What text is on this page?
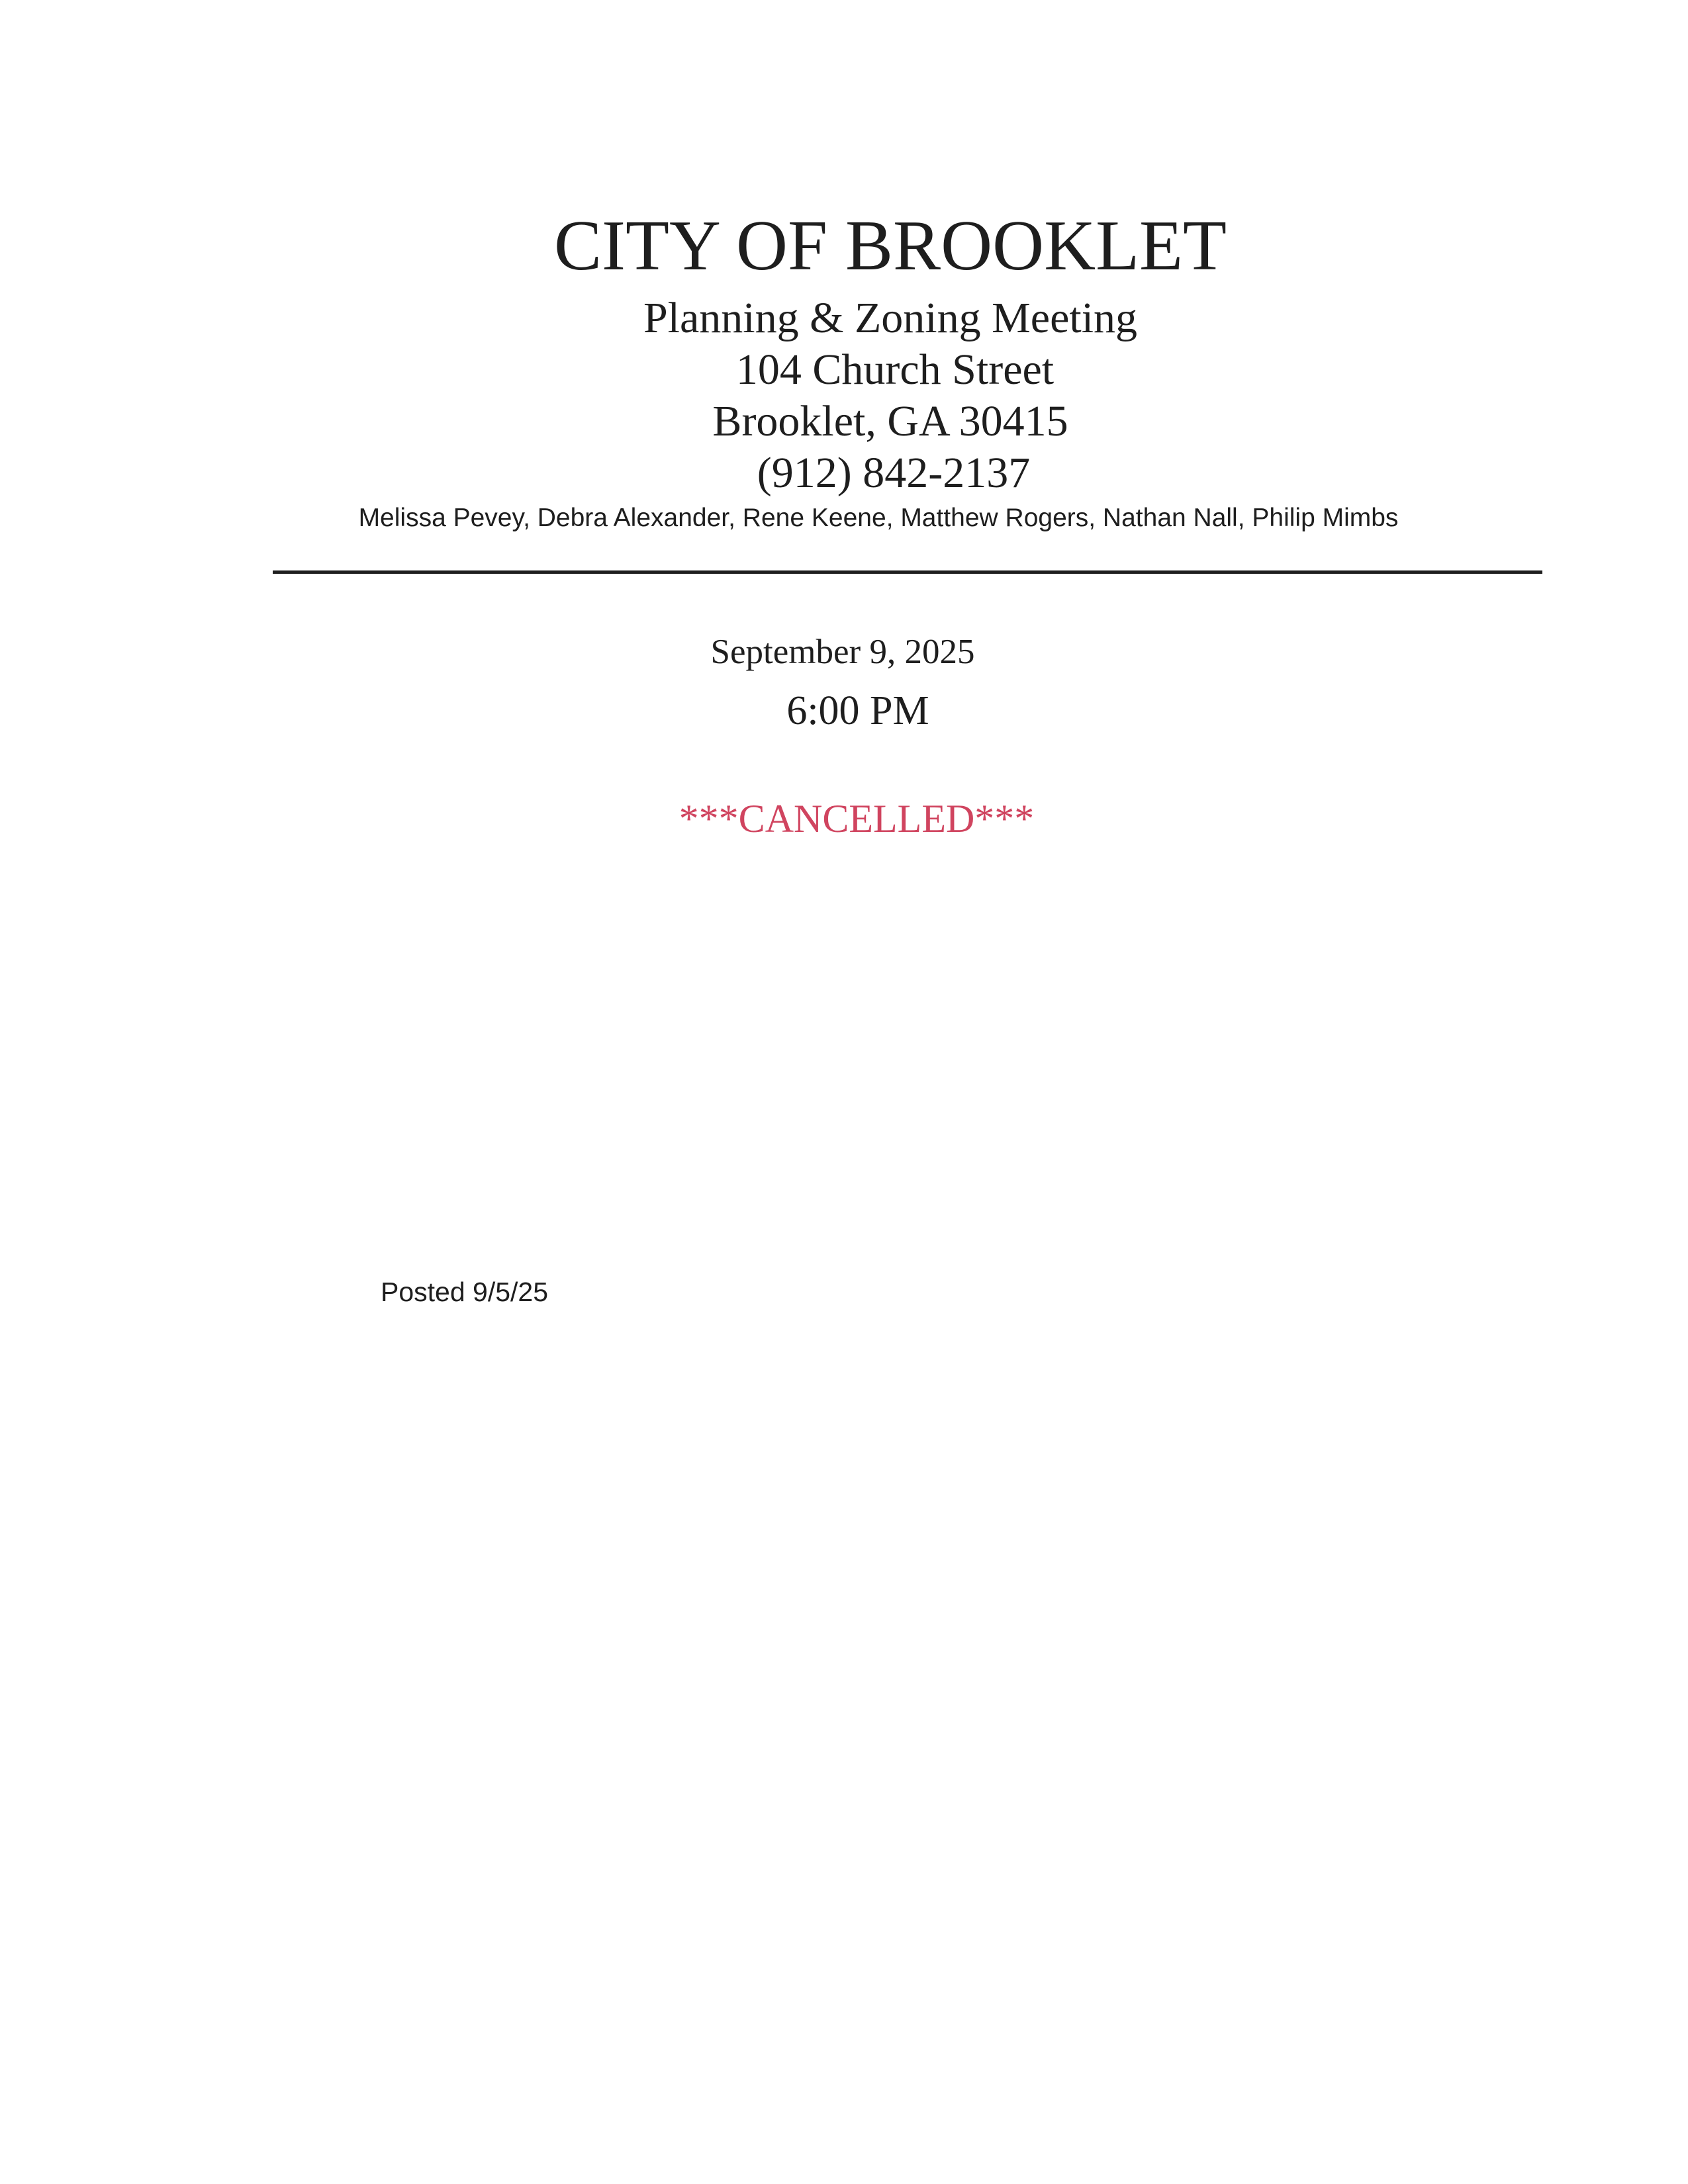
CITY OF BROOKLET
Planning & Zoning Meeting
104 Church Street
Brooklet, GA 30415
(912) 842-2137
Melissa Pevey, Debra Alexander, Rene Keene, Matthew Rogers, Nathan Nall, Philip Mimbs
September 9, 2025
6:00 PM
***CANCELLED***
Posted 9/5/25
